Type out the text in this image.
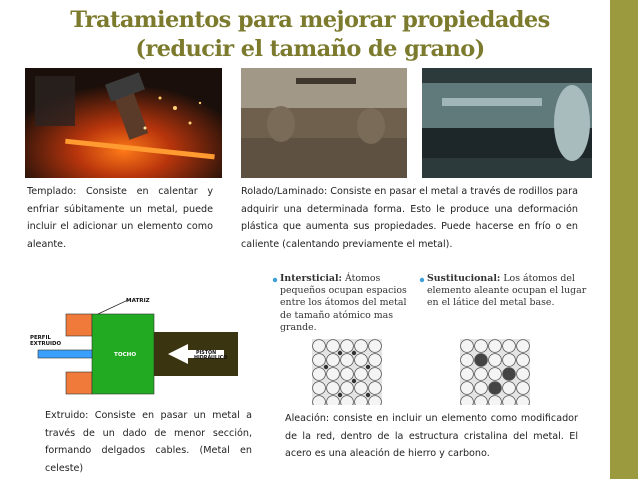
Tratamientos para mejorar propiedades
(reducir el tamaño de grano)
Templado: Consiste en calentar y enfriar súbitamente un metal, puede incluir el adicionar un elemento como aleante.
Rolado/Laminado: Consiste en pasar el metal a través de rodillos para adquirir una determinada forma. Esto le produce una deformación plástica que aumenta sus propiedades. Puede hacerse en frío o en caliente (calentando previamente el metal).
MATRIZ
PERFIL
EXTRUIDO
TOCHO	PISTÓN
HIDRÁULICO
Extruido: Consiste en pasar un metal a través de un dado de menor sección, formando delgados cables. (Metal en celeste)
Intersticial: Átomos pequeños ocupan espacios entre los átomos del metal de tamaño atómico mas grande.
Sustitucional: Los átomos del elemento aleante ocupan el lugar en el látice del metal base.
Aleación: consiste en incluir un elemento como modificador de la red, dentro de la estructura cristalina del metal. El acero es una aleación de hierro y carbono.
